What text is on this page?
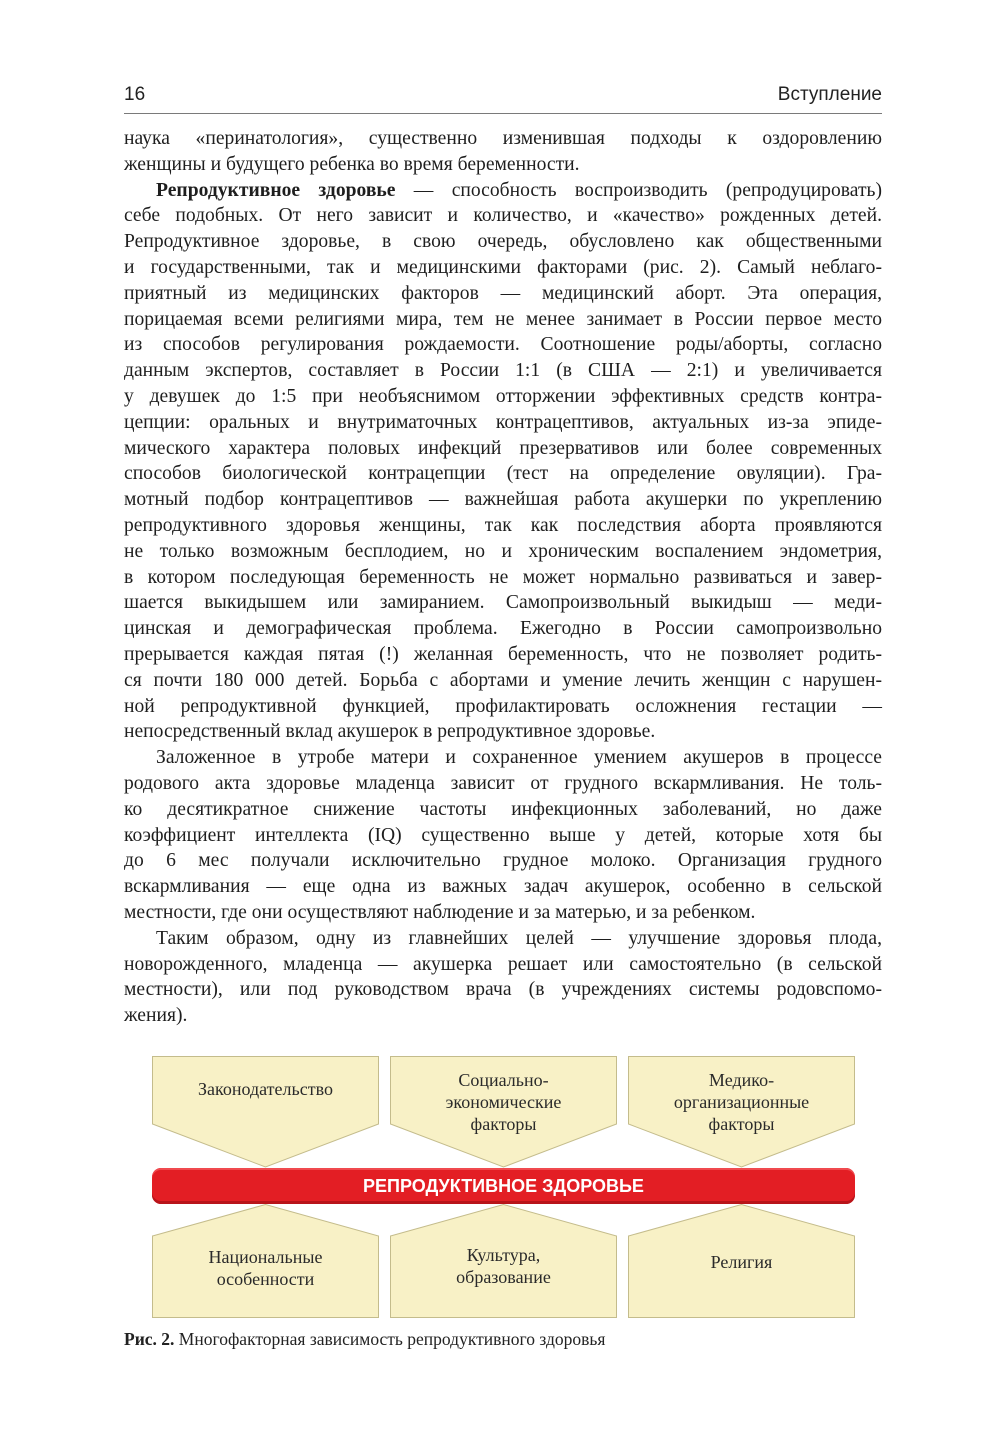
16	Вступление

наука «перинатология», существенно изменившая подходы к оздоровлению
женщины и будущего ребенка во время беременности.

Репродуктивное здоровье — способность воспроизводить (репродуцировать)
себе подобных. От него зависит и количество, и «качество» рожденных детей.
Репродуктивное здоровье, в свою очередь, обусловлено как общественными
и государственными, так и медицинскими факторами (рис. 2). Самый неблаго-
приятный из медицинских факторов — медицинский аборт. Эта операция,
порицаемая всеми религиями мира, тем не менее занимает в России первое место
из способов регулирования рождаемости. Соотношение роды/аборты, согласно
данным экспертов, составляет в России 1:1 (в США — 2:1) и увеличивается
у девушек до 1:5 при необъяснимом отторжении эффективных средств контра-
цепции: оральных и внутриматочных контрацептивов, актуальных из-за эпиде-
мического характера половых инфекций презервативов или более современных
способов биологической контрацепции (тест на определение овуляции). Гра-
мотный подбор контрацептивов — важнейшая работа акушерки по укреплению
репродуктивного здоровья женщины, так как последствия аборта проявляются
не только возможным бесплодием, но и хроническим воспалением эндометрия,
в котором последующая беременность не может нормально развиваться и завер-
шается выкидышем или замиранием. Самопроизвольный выкидыш — меди-
цинская и демографическая проблема. Ежегодно в России самопроизвольно
прерывается каждая пятая (!) желанная беременность, что не позволяет родить-
ся почти 180 000 детей. Борьба с абортами и умение лечить женщин с нарушен-
ной репродуктивной функцией, профилактировать осложнения гестации —
непосредственный вклад акушерок в репродуктивное здоровье.

Заложенное в утробе матери и сохраненное умением акушеров в процессе
родового акта здоровье младенца зависит от грудного вскармливания. Не толь-
ко десятикратное снижение частоты инфекционных заболеваний, но даже
коэффициент интеллекта (IQ) существенно выше у детей, которые хотя бы
до 6 мес получали исключительно грудное молоко. Организация грудного
вскармливания — еще одна из важных задач акушерок, особенно в сельской
местности, где они осуществляют наблюдение и за матерью, и за ребенком.

Таким образом, одну из главнейших целей — улучшение здоровья плода,
новорожденного, младенца — акушерка решает или самостоятельно (в сельской
местности), или под руководством врача (в учреждениях системы родовспомо-
жения).

Законодательство	Социально-
экономические
факторы
Медико-
организационные
факторы
РЕПРОДУКТИВНОЕ ЗДОРОВЬЕ
Национальные
особенности
Культура,
образование
Религия
Рис. 2. Многофакторная зависимость репродуктивного здоровья
